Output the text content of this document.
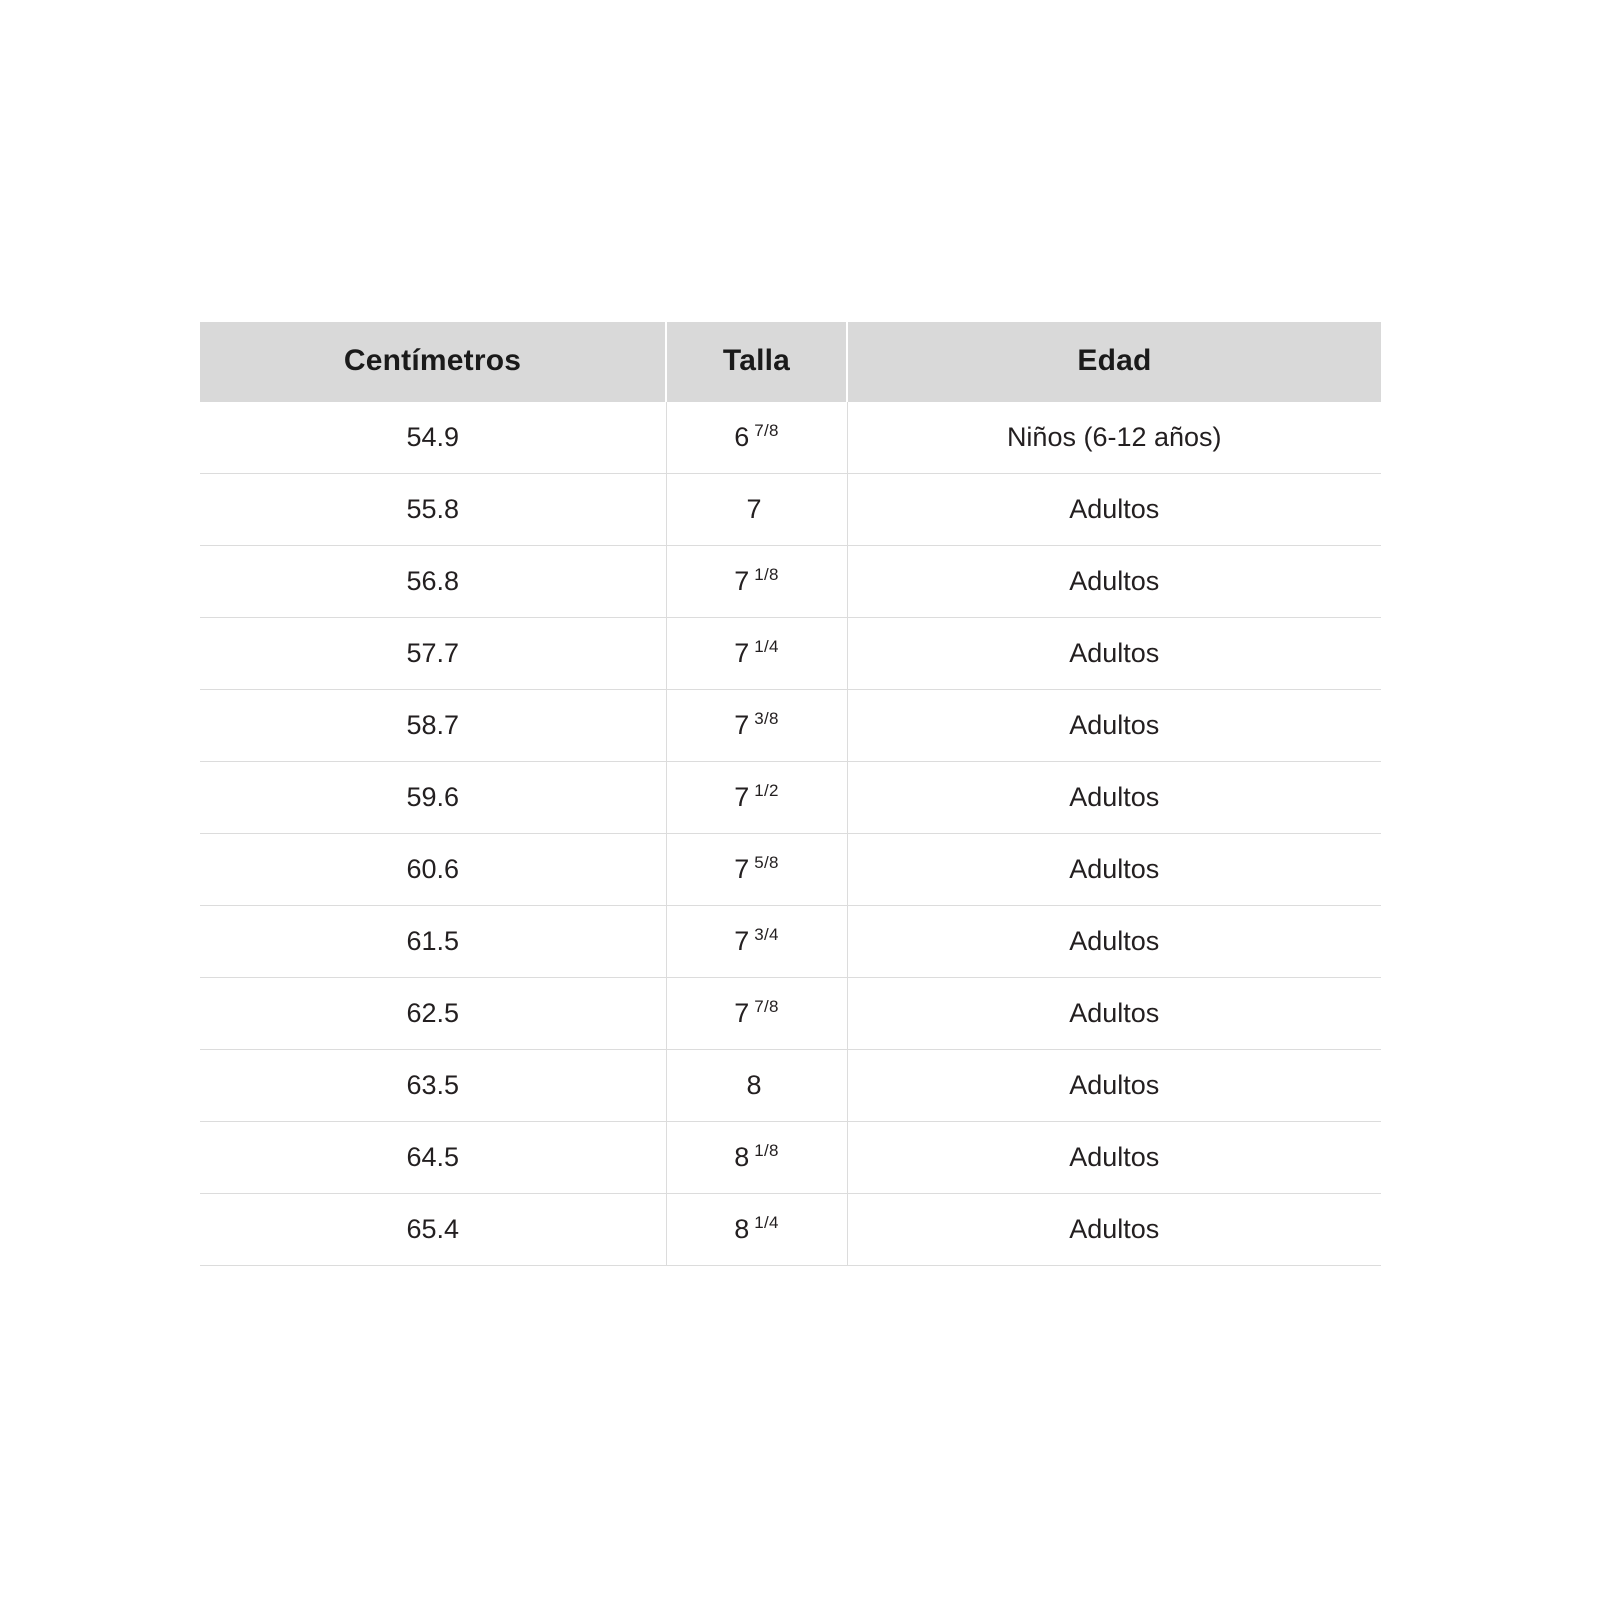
Centímetros	Talla	Edad
54.9	6 $^{7/8}$	Niños (6-12 años)
55.8	7	Adultos
56.8	7 $^{1/8}$	Adultos
57.7	7 $^{1/4}$	Adultos
58.7	7 $^{3/8}$	Adultos
59.6	7 $^{1/2}$	Adultos
60.6	7 $^{5/8}$	Adultos
61.5	7 $^{3/4}$	Adultos
62.5	7 $^{7/8}$	Adultos
63.5	8	Adultos
64.5	8 $^{1/8}$	Adultos
65.4	8 $^{1/4}$	Adultos
